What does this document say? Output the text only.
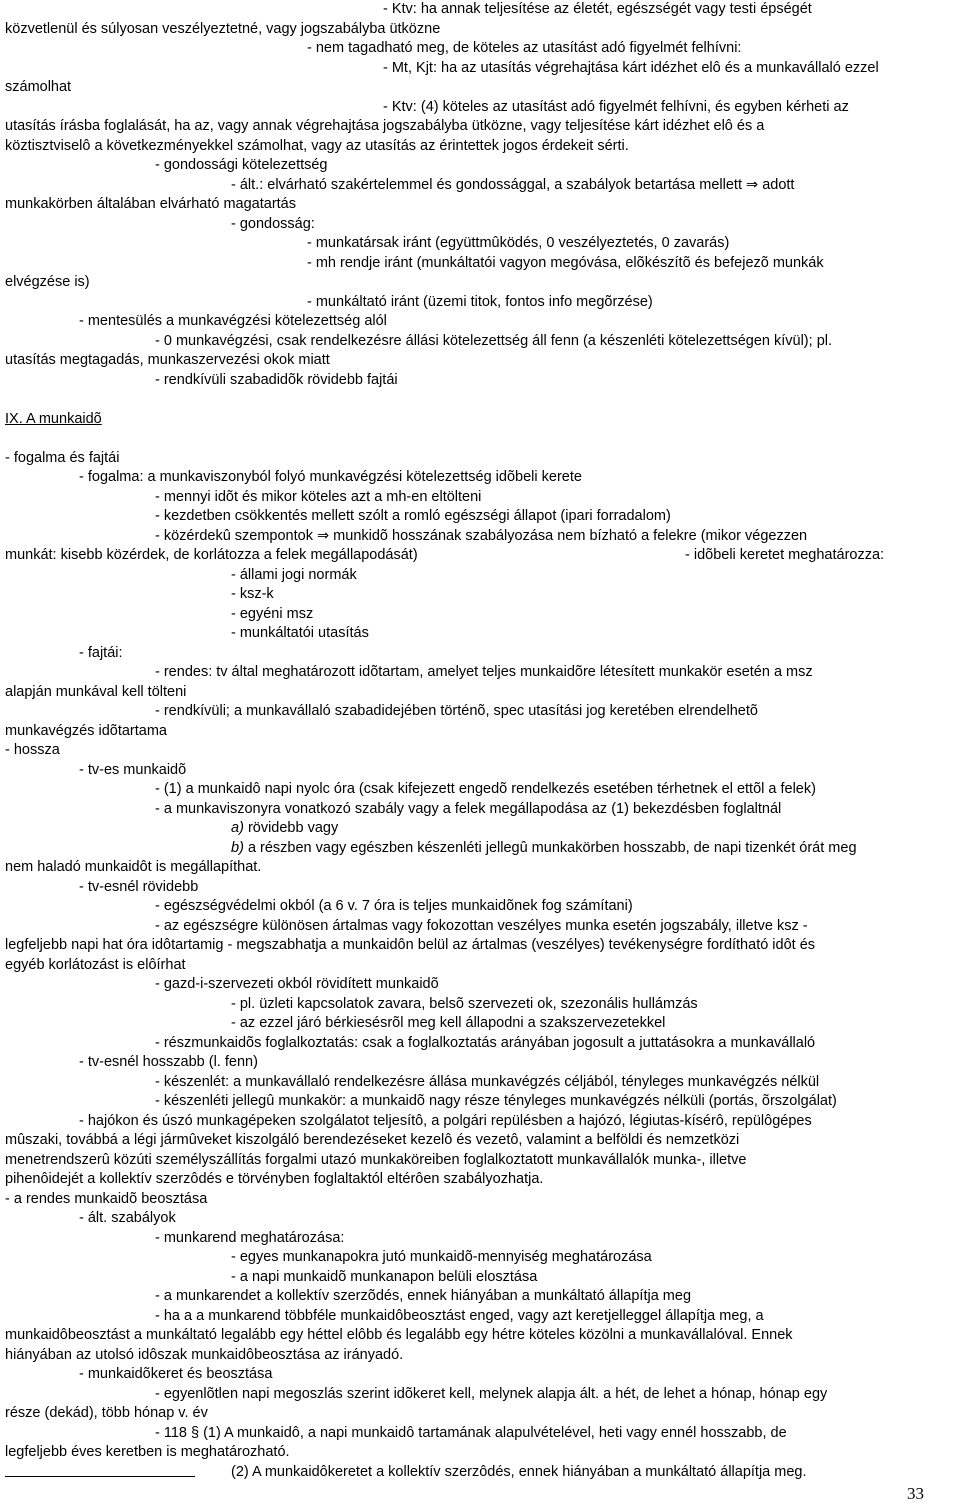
- Ktv: ha annak teljesítése az életét, egészségét vagy testi épségét
közvetlenül és súlyosan veszélyeztetné, vagy jogszabályba ütközne
- nem tagadható meg, de köteles az utasítást adó figyelmét felhívni:
- Mt, Kjt: ha az utasítás végrehajtása kárt idézhet elô és a munkavállaló ezzel
számolhat
- Ktv: (4) köteles az utasítást adó figyelmét felhívni, és egyben kérheti az
utasítás írásba foglalását, ha az, vagy annak végrehajtása jogszabályba ütközne, vagy teljesítése kárt idézhet elô és a
köztisztviselô a következményekkel számolhat, vagy az utasítás az érintettek jogos érdekeit sérti.
- gondossági kötelezettség
- ált.: elvárható szakértelemmel és gondossággal, a szabályok betartása mellett ⇒ adott
munkakörben általában elvárható magatartás
- gondosság:
- munkatársak iránt (együttmûködés, 0 veszélyeztetés, 0 zavarás)
- mh rendje iránt (munkáltatói vagyon megóvása, elõkészítõ és befejezõ munkák
elvégzése is)
- munkáltató iránt (üzemi titok, fontos info megõrzése)
- mentesülés a munkavégzési kötelezettség alól
- 0 munkavégzési, csak rendelkezésre állási kötelezettség áll fenn (a készenléti kötelezettségen kívül); pl.
utasítás megtagadás, munkaszervezési okok miatt
- rendkívüli szabadidõk rövidebb fajtái
IX. A munkaidõ
- fogalma és fajtái
- fogalma: a munkaviszonyból folyó munkavégzési kötelezettség idõbeli kerete
- mennyi idõt és mikor köteles azt a mh-en eltölteni
- kezdetben csökkentés mellett szólt a romló egészségi állapot (ipari forradalom)
- közérdekû szempontok ⇒ munkidõ hosszának szabályozása nem bízható a felekre (mikor végezzen
munkát: kisebb közérdek, de korlátozza a felek megállapodását)	- idõbeli keretet meghatározza:
- állami jogi normák
- ksz-k
- egyéni msz
- munkáltatói utasítás
- fajtái:
- rendes: tv által meghatározott idõtartam, amelyet teljes munkaidõre létesített munkakör esetén a msz
alapján munkával kell tölteni
- rendkívüli; a munkavállaló szabadidejében történõ, spec utasítási jog keretében elrendelhetõ
munkavégzés idõtartama
- hossza
- tv-es munkaidõ
- (1) a munkaidô napi nyolc óra (csak kifejezett engedõ rendelkezés esetében térhetnek el ettõl a felek)
- a munkaviszonyra vonatkozó szabály vagy a felek megállapodása az (1) bekezdésben foglaltnál
a) rövidebb vagy
b) a részben vagy egészben készenléti jellegû munkakörben hosszabb, de napi tizenkét órát meg
nem haladó munkaidôt is megállapíthat.
- tv-esnél rövidebb
- egészségvédelmi okból (a 6 v. 7 óra is teljes munkaidõnek fog számítani)
- az egészségre különösen ártalmas vagy fokozottan veszélyes munka esetén jogszabály, illetve ksz -
legfeljebb napi hat óra idôtartamig - megszabhatja a munkaidôn belül az ártalmas (veszélyes) tevékenységre fordítható idôt és
egyéb korlátozást is elôírhat
- gazd-i-szervezeti okból rövidített munkaidõ
- pl. üzleti kapcsolatok zavara, belsõ szervezeti ok, szezonális hullámzás
- az ezzel járó bérkiesésrõl meg kell állapodni a szakszervezetekkel
- részmunkaidõs foglalkoztatás: csak a foglalkoztatás arányában jogosult a juttatásokra a munkavállaló
- tv-esnél hosszabb (l. fenn)
- készenlét: a munkavállaló rendelkezésre állása munkavégzés céljából, tényleges munkavégzés nélkül
- készenléti jellegû munkakör: a munkaidõ nagy része tényleges munkavégzés nélküli (portás, õrszolgálat)
- hajókon és úszó munkagépeken szolgálatot teljesítô, a polgári repülésben a hajózó, légiutas-kísérô, repülôgépes
mûszaki, továbbá a légi jármûveket kiszolgáló berendezéseket kezelô és vezetô, valamint a belföldi és nemzetközi
menetrendszerû közúti személyszállítás forgalmi utazó munkaköreiben foglalkoztatott munkavállalók munka-, illetve
pihenôidejét a kollektív szerzôdés e törvényben foglaltaktól eltérôen szabályozhatja.
- a rendes munkaidõ beosztása
- ált. szabályok
- munkarend meghatározása:
- egyes munkanapokra jutó munkaidõ-mennyiség meghatározása
- a napi munkaidõ munkanapon belüli elosztása
- a munkarendet a kollektív szerzõdés, ennek hiányában a munkáltató állapítja meg
- ha a a munkarend többféle munkaidôbeosztást enged, vagy azt keretjelleggel állapítja meg, a
munkaidôbeosztást a munkáltató legalább egy héttel elôbb és legalább egy hétre köteles közölni a munkavállalóval. Ennek
hiányában az utolsó idôszak munkaidôbeosztása az irányadó.
- munkaidõkeret és beosztása
- egyenlõtlen napi megoszlás szerint idõkeret kell, melynek alapja ált. a hét, de lehet a hónap, hónap egy
része (dekád), több hónap v. év
- 118 § (1) A munkaidô, a napi munkaidô tartamának alapulvételével, heti vagy ennél hosszabb, de
legfeljebb éves keretben is meghatározható.
(2) A munkaidôkeretet a kollektív szerzôdés, ennek hiányában a munkáltató állapítja meg.
33
